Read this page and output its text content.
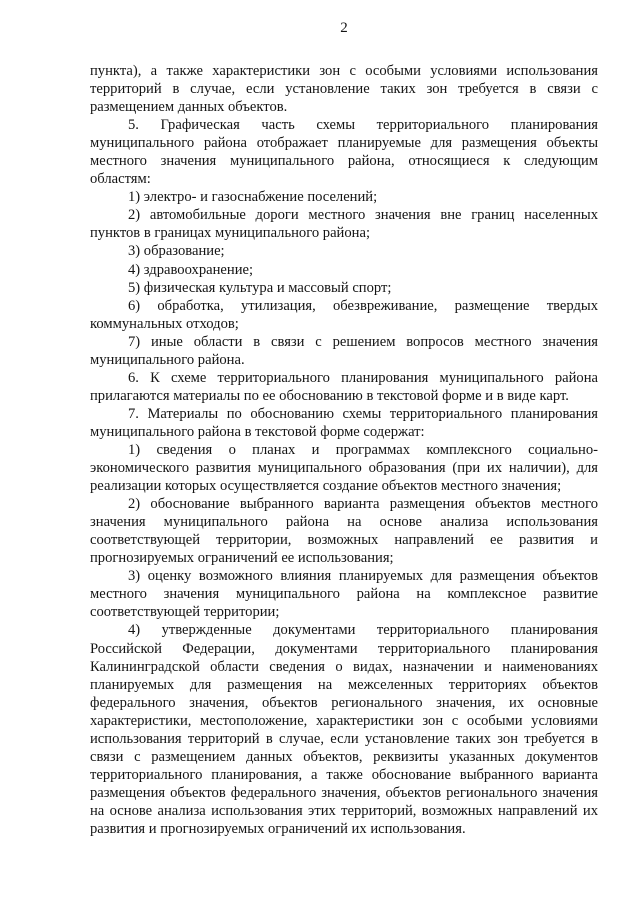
2

пункта), а также характеристики зон с особыми условиями использования территорий в случае, если установление таких зон требуется в связи с размещением данных объектов.

5. Графическая часть схемы территориального планирования муниципального района отображает планируемые для размещения объекты местного значения муниципального района, относящиеся к следующим областям:

1) электро- и газоснабжение поселений;

2) автомобильные дороги местного значения вне границ населенных пунктов в границах муниципального района;

3) образование;

4) здравоохранение;

5) физическая культура и массовый спорт;

6) обработка, утилизация, обезвреживание, размещение твердых коммунальных отходов;

7) иные области в связи с решением вопросов местного значения муниципального района.

6. К схеме территориального планирования муниципального района прилагаются материалы по ее обоснованию в текстовой форме и в виде карт.

7. Материалы по обоснованию схемы территориального планирования муниципального района в текстовой форме содержат:

1) сведения о планах и программах комплексного социально-экономического развития муниципального образования (при их наличии), для реализации которых осуществляется создание объектов местного значения;

2) обоснование выбранного варианта размещения объектов местного значения муниципального района на основе анализа использования соответствующей территории, возможных направлений ее развития и прогнозируемых ограничений ее использования;

3) оценку возможного влияния планируемых для размещения объектов местного значения муниципального района на комплексное развитие соответствующей территории;

4) утвержденные документами территориального планирования Российской Федерации, документами территориального планирования Калининградской области сведения о видах, назначении и наименованиях планируемых для размещения на межселенных территориях объектов федерального значения, объектов регионального значения, их основные характеристики, местоположение, характеристики зон с особыми условиями использования территорий в случае, если установление таких зон требуется в связи с размещением данных объектов, реквизиты указанных документов территориального планирования, а также обоснование выбранного варианта размещения объектов федерального значения, объектов регионального значения на основе анализа использования этих территорий, возможных направлений их развития и прогнозируемых ограничений их использования.
